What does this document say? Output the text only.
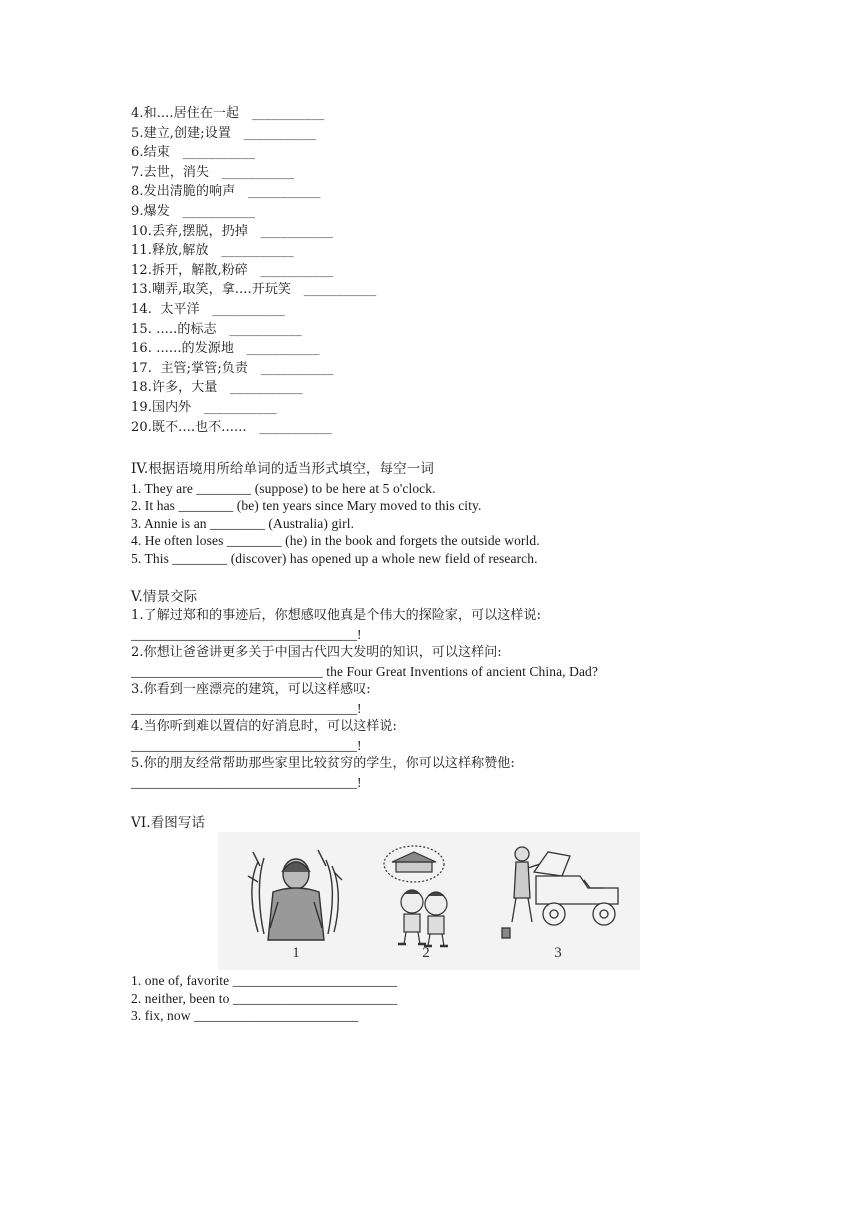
4.和....居住在一起   ___________
5.建立,创建;设置   ___________
6.结束   ___________
7.去世，消失   ___________
8.发出清脆的响声   ___________
9.爆发   ___________
10.丢弃,摆脱，扔掉   ___________
11.释放,解放   ___________
12.拆开，解散,粉碎   ___________
13.嘲弄,取笑，拿....开玩笑   ___________
14.  太平洋   ___________
15. .....的标志   ___________
16. ......的发源地   ___________
17.  主管;掌管;负责   ___________
18.许多，大量   ___________
19.国内外   ___________
20.既不....也不......   ___________
IV.根据语境用所给单词的适当形式填空，每空一词
1. They are ________ (suppose) to be here at 5 o'clock.
2. It has ________ (be) ten years since Mary moved to this city.
3. Annie is an ________ (Australia) girl.
4. He often loses ________ (he) in the book and forgets the outside world.
5. This ________ (discover) has opened up a whole new field of research.
V.情景交际
1.了解过郑和的事迹后，你想感叹他真是个伟大的探险家，可以这样说:
_________________________________!
2.你想让爸爸讲更多关于中国古代四大发明的知识，可以这样问:
____________________________ the Four Great Inventions of ancient China, Dad?
3.你看到一座漂亮的建筑，可以这样感叹:
_________________________________!
4.当你听到难以置信的好消息时，可以这样说:
_________________________________!
5.你的朋友经常帮助那些家里比较贫穷的学生，你可以这样称赞他:
_________________________________!
VI.看图写话
1	2	3
1. one of, favorite ________________________
2. neither, been to ________________________
3. fix, now ________________________
